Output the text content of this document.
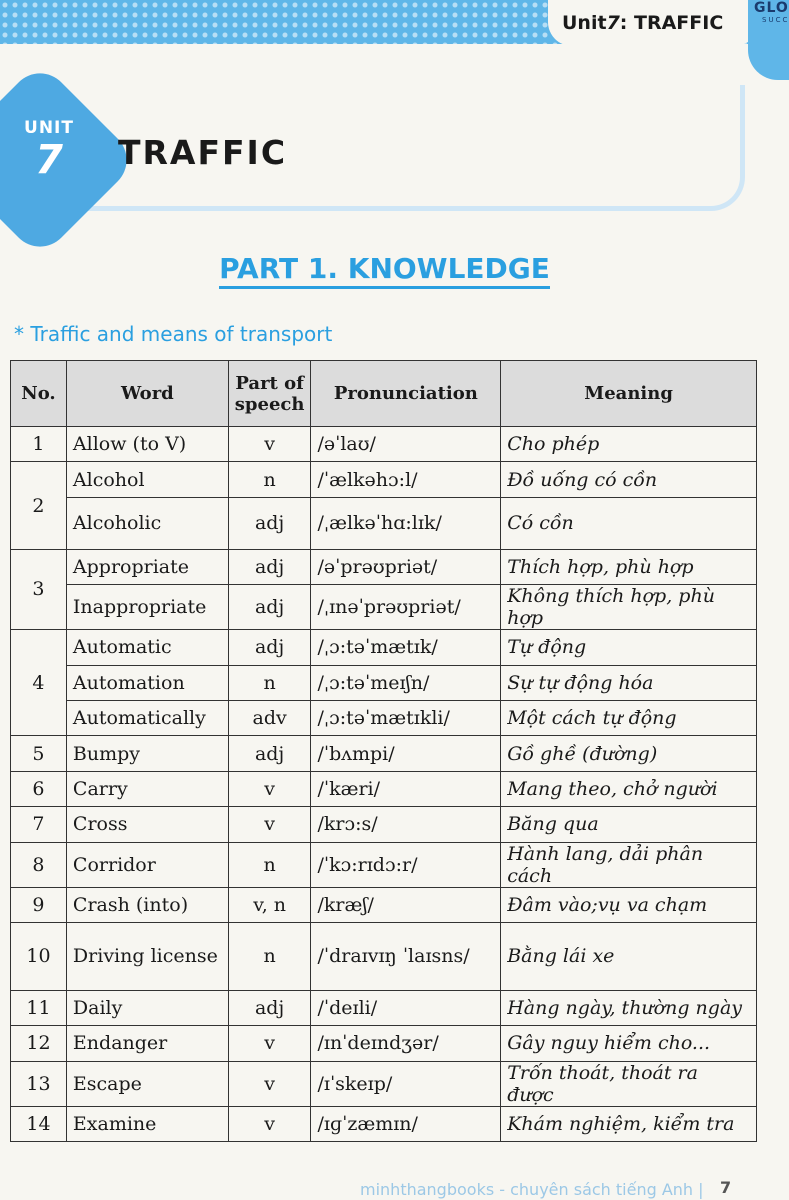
Unit 7 : TRAFFIC
GLO
SUCC
UNIT
7	TRAFFIC
PART 1. KNOWLEDGE
* Traffic and means of transport
No.	Word	Part of speech	Pronunciation	Meaning
1	Allow (to V)	v	/əˈlaʊ/	Cho phép
2	Alcohol	n	/ˈælkəhɔ:l/	Đồ uống có cồn
	Alcoholic	adj	/ˌælkəˈhɑ:lɪk/	Có cồn
3	Appropriate	adj	/əˈprəʊpriət/	Thích hợp, phù hợp
	Inappropriate	adj	/ˌɪnəˈprəʊpriət/	Không thích hợp, phù hợp
4	Automatic	adj	/ˌɔ:təˈmætɪk/	Tự động
	Automation	n	/ˌɔ:təˈmeɪʃn/	Sự tự động hóa
	Automatically	adv	/ˌɔ:təˈmætɪkli/	Một cách tự động
5	Bumpy	adj	/ˈbʌmpi/	Gồ ghề (đường)
6	Carry	v	/ˈkæri/	Mang theo, chở người
7	Cross	v	/krɔ:s/	Băng qua
8	Corridor	n	/ˈkɔ:rɪdɔ:r/	Hành lang, dải phân cách
9	Crash (into)	v, n	/kræʃ/	Đâm vào;vụ va chạm
10	Driving license	n	/ˈdraɪvɪŋ ˈlaɪsns/	Bằng lái xe
11	Daily	adj	/ˈdeɪli/	Hàng ngày, thường ngày
12	Endanger	v	/ɪnˈdeɪndʒər/	Gây nguy hiểm cho...
13	Escape	v	/ɪˈskeɪp/	Trốn thoát, thoát ra được
14	Examine	v	/ɪɡˈzæmɪn/	Khám nghiệm, kiểm tra
minhthangbooks - chuyên sách tiếng Anh |	7
